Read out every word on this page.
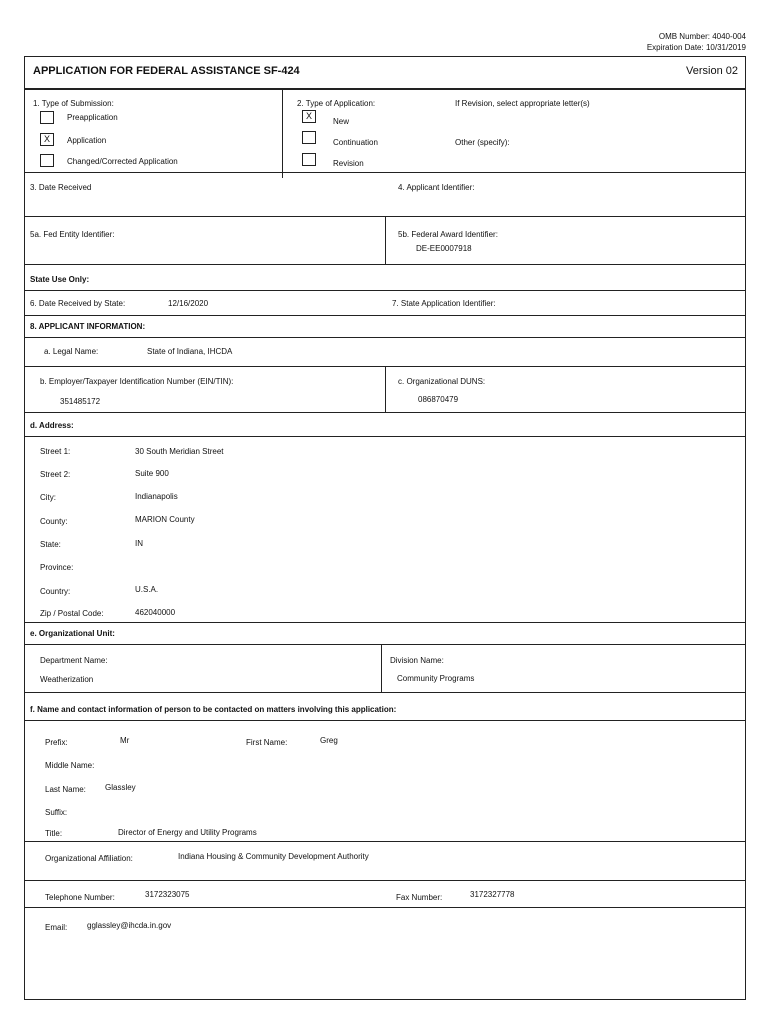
OMB Number: 4040-004
Expiration Date: 10/31/2019
APPLICATION FOR FEDERAL ASSISTANCE SF-424	Version 02
1. Type of Submission:
Preapplication
X	Application
Changed/Corrected Application
2. Type of Application:	If Revision, select appropriate letter(s)
X
New
Continuation	Other (specify):
Revision
3. Date Received	4. Applicant Identifier:
5a. Fed Entity Identifier:	5b. Federal Award Identifier:
DE-EE0007918
State Use Only:
6. Date Received by State:	12/16/2020	7. State Application Identifier:
8. APPLICANT INFORMATION:
a. Legal Name:	State of Indiana, IHCDA
b. Employer/Taxpayer Identification Number (EIN/TIN):
351485172
c. Organizational DUNS:
086870479
d. Address:
Street 1:	30 South Meridian Street
Street 2:	Suite 900
City:	Indianapolis
County:	MARION County
State:	IN
Province:
Country:	U.S.A.
Zip / Postal Code:	462040000
e. Organizational Unit:
Department Name:
Weatherization
Division Name:
Community Programs
f. Name and contact information of person to be contacted on matters involving this application:
Prefix:	Mr	First Name:	Greg
Middle Name:
Last Name: Glassley
Suffix:
Title:	Director of Energy and Utility Programs
Organizational Affiliation:	Indiana Housing & Community Development Authority
Telephone Number:	3172323075	Fax Number:	3172327778
Email: gglassley@ihcda.in.gov
